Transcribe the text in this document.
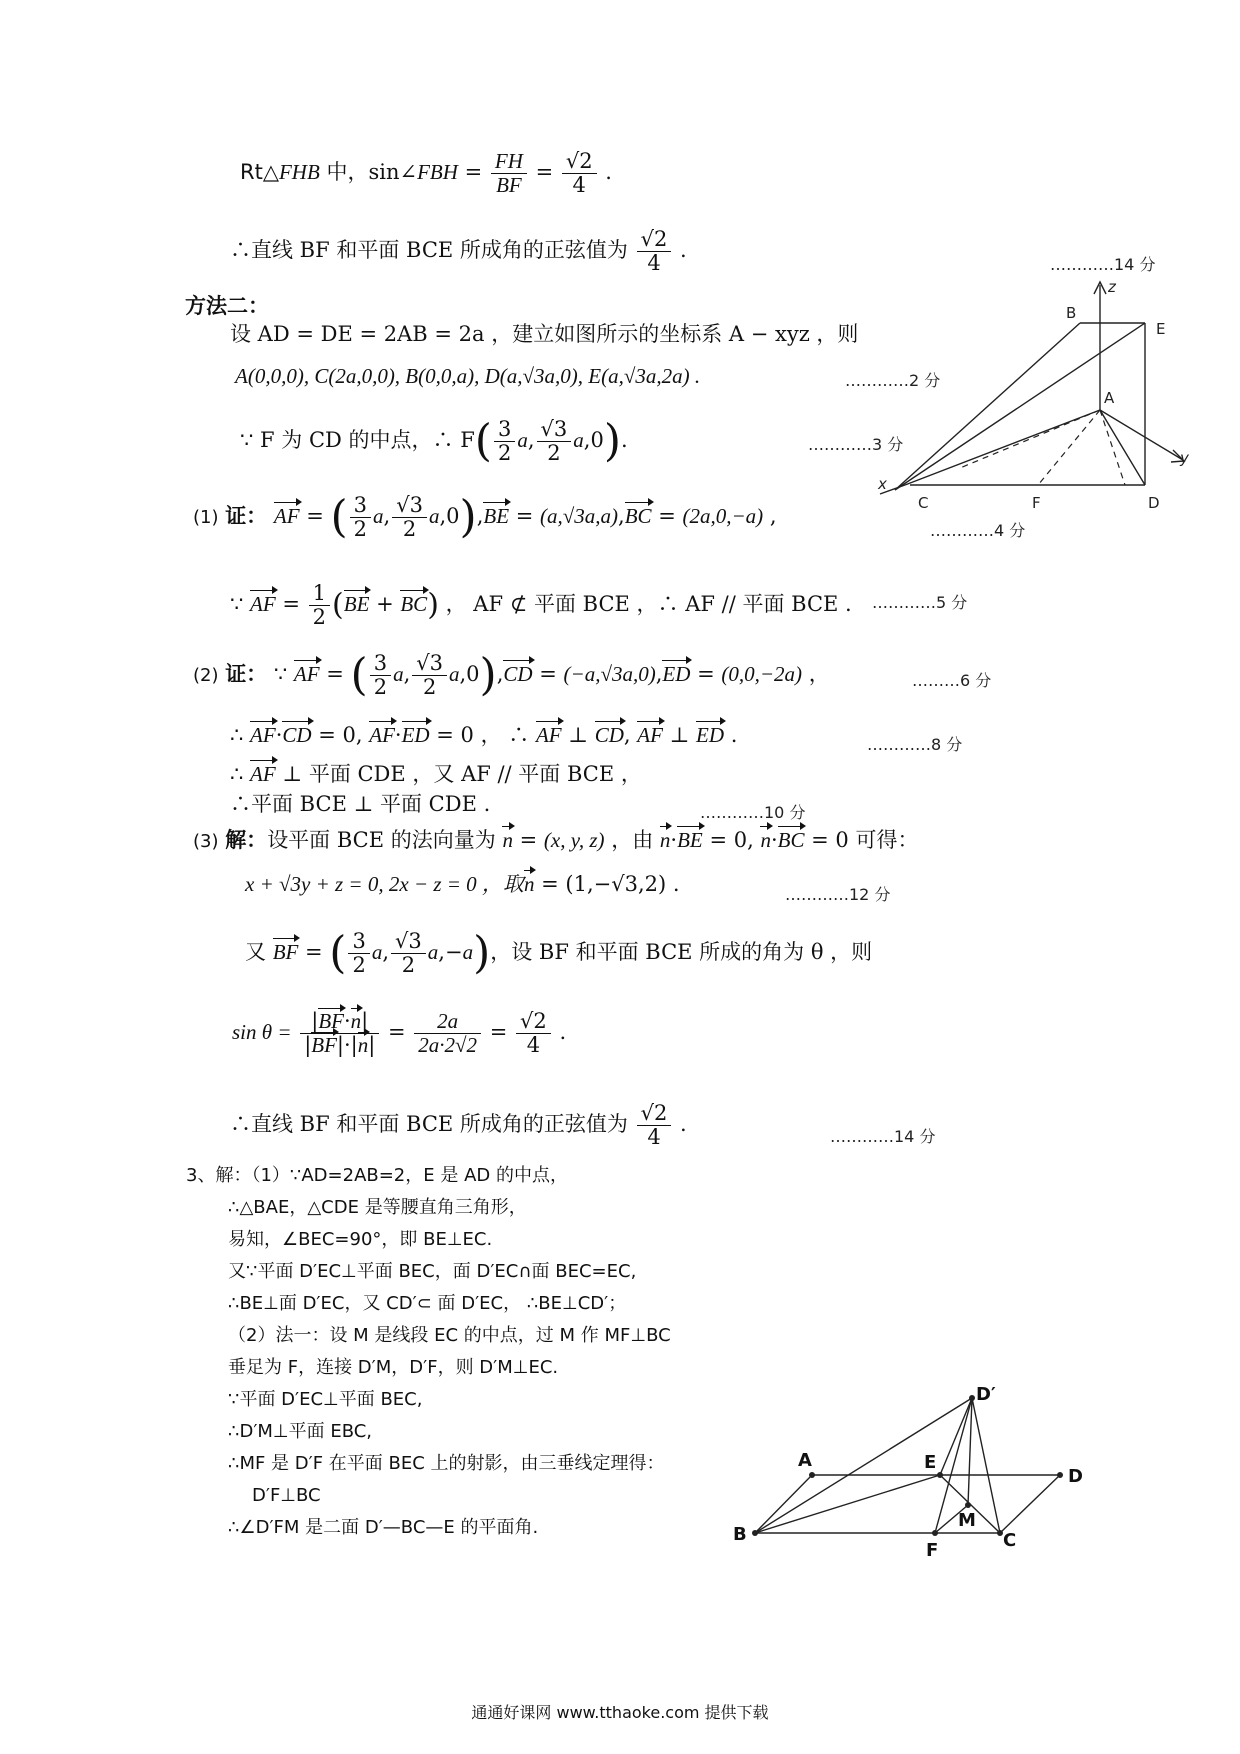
Rt△FHB 中，sin∠FBH = $\frac{FH}{BF} = \frac{√2}{4}$ .
∴直线 BF 和平面 BCE 所成角的正弦值为 $\frac{√2}{4}$ .
…………14 分
方法二：
设 AD = DE = 2AB = 2a ，建立如图所示的坐标系 A − xyz ，则
A(0,0,0), C(2a,0,0), B(0,0,a), D(a,√3a,0), E(a,√3a,2a) .	…………2 分
∵ F 为 CD 的中点，∴ $F( \frac{3}{2} a$, $\frac{√3}{2} a,0$).	…………3 分
(1) 证： AF = ( $\frac{3}{2} a$, $\frac{√3}{2} a,0),BE = (a,√3a,a),BC = (2a,0,-a)$ ,
…………4 分
∵ AF = $\frac{1}{2} (BE + BC)$ ， AF ⊄ 平面 BCE ，∴ AF // 平面 BCE . …………5 分
(2) 证： ∵ AF = ( $\frac{3}{2} a$, $\frac{√3}{2} a,0),CD = (-a,√3a,0),ED = (0,0,-2a)$ ，	………6 分
∴ AF·CD = 0, AF·ED = 0 ， ∴ AF ⊥ CD, AF ⊥ ED .	…………8 分
∴ AF ⊥ 平面 CDE ，又 AF // 平面 BCE ，
∴平面 BCE ⊥ 平面 CDE .	…………10 分
(3) 解：设平面 BCE 的法向量为 n = (x, y, z) ，由 n·BE = 0, n·BC = 0 可得：
x + √3y + z = 0, 2x − z = 0 ，取n = (1,−√3,2) .	…………12 分
又 BF = ( $\frac{3}{2} a$, $\frac{√3}{2} a,-a$)，设 BF 和平面 BCE 所成的角为 θ ，则
$\sin \theta = \frac{|BF\cdot n|}{|BF|\cdot|n|} = \frac{2a}{2a\cdot 2√2} = \frac{√2}{4}$ .
∴直线 BF 和平面 BCE 所成角的正弦值为 $\frac{√2}{4}$ .
…………14 分
3、解：（1）∵AD=2AB=2，E 是 AD 的中点，
∴△BAE，△CDE 是等腰直角三角形，
易知，∠BEC=90°，即 BE⊥EC.
又∵平面 D′EC⊥平面 BEC，面 D′EC∩面 BEC=EC,
∴BE⊥面 D′EC，又 CD′⊂ 面 D′EC， ∴BE⊥CD′；
（2）法一：设 M 是线段 EC 的中点，过 M 作 MF⊥BC
垂足为 F，连接 D′M，D′F，则 D′M⊥EC.
∵平面 D′EC⊥平面 BEC,
∴D′M⊥平面 EBC,
∴MF 是 D′F 在平面 BEC 上的射影，由三垂线定理得：
D′F⊥BC
∴∠D′FM 是二面 D′—BC—E 的平面角.
B
E
A
C	F	D
x
y
z
D′
A	E
D
M
B
F	C
通通好课网 www.tthaoke.com 提供下载
